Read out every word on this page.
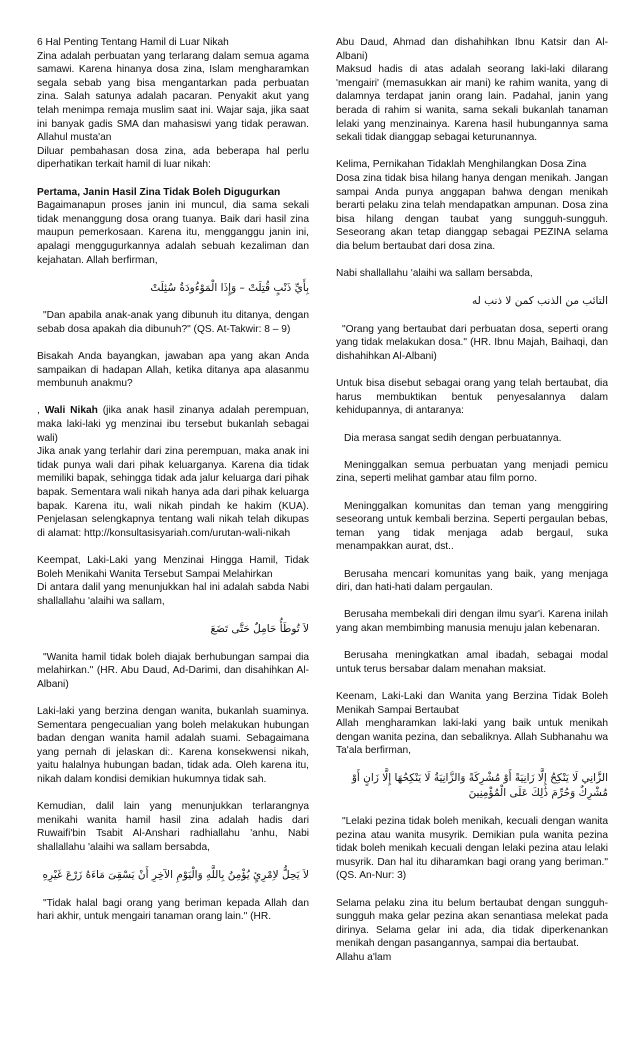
6 Hal Penting Tentang Hamil di Luar Nikah

Zina adalah perbuatan yang terlarang dalam semua agama samawi. Karena hinanya dosa zina, Islam mengharamkan segala sebab yang bisa mengantarkan pada perbuatan zina. Salah satunya adalah pacaran. Penyakit akut yang telah menimpa remaja muslim saat ini. Wajar saja, jika saat ini banyak gadis SMA dan mahasiswi yang tidak perawan. Allahul musta'an

Diluar pembahasan dosa zina, ada beberapa hal perlu diperhatikan terkait hamil di luar nikah:

Pertama, Janin Hasil Zina Tidak Boleh Digugurkan

Bagaimanapun proses janin ini muncul, dia sama sekali tidak menanggung dosa orang tuanya. Baik dari hasil zina maupun pemerkosaan. Karena itu, mengganggu janin ini, apalagi menggugurkannya adalah sebuah kezaliman dan kejahatan. Allah berfirman,

بِأَيِّ ذَنْبٍ قُتِلَتْ – وَإِذَا الْمَوْءُودَةُ سُئِلَتْ

"Dan apabila anak-anak yang dibunuh itu ditanya, dengan sebab dosa apakah dia dibunuh?" (QS. At-Takwir: 8 – 9)

Bisakah Anda bayangkan, jawaban apa yang akan Anda sampaikan di hadapan Allah, ketika ditanya apa alasanmu membunuh anakmu?

, Wali Nikah (jika anak hasil zinanya adalah perempuan, maka laki-laki yg menzinai ibu tersebut bukanlah sebagai wali)

Jika anak yang terlahir dari zina perempuan, maka anak ini tidak punya wali dari pihak keluarganya. Karena dia tidak memiliki bapak, sehingga tidak ada jalur keluarga dari pihak bapak. Sementara wali nikah hanya ada dari pihak keluarga bapak. Karena itu, wali nikah pindah ke hakim (KUA). Penjelasan selengkapnya tentang wali nikah telah dikupas di alamat: http://konsultasisyariah.com/urutan-wali-nikah

Keempat, Laki-Laki yang Menzinai Hingga Hamil, Tidak Boleh Menikahi Wanita Tersebut Sampai Melahirkan

Di antara dalil yang menunjukkan hal ini adalah sabda Nabi shallallahu 'alaihi wa sallam,

لاَ تُوطَأُ حَامِلٌ حَتَّى تَضَعَ

"Wanita hamil tidak boleh diajak berhubungan sampai dia melahirkan." (HR. Abu Daud, Ad-Darimi, dan disahihkan Al-Albani)

Laki-laki yang berzina dengan wanita, bukanlah suaminya. Sementara pengecualian yang boleh melakukan hubungan badan dengan wanita hamil adalah suami. Sebagaimana yang pernah di jelaskan di:. Karena konsekwensi nikah, yaitu halalnya hubungan badan, tidak ada. Oleh karena itu, nikah dalam kondisi demikian hukumnya tidak sah.

Kemudian, dalil lain yang menunjukkan terlarangnya menikahi wanita hamil hasil zina adalah hadis dari Ruwaifi'bin Tsabit Al-Anshari radhiallahu 'anhu, Nabi shallallahu 'alaihi wa sallam bersabda,

لاَ يَحِلُّ لاِمْرِئٍ يُؤْمِنُ بِاللَّهِ وَالْيَوْمِ الآخِرِ أَنْ يَسْقِىَ مَاءَهُ زَرْعَ غَيْرِهِ

"Tidak halal bagi orang yang beriman kepada Allah dan hari akhir, untuk mengairi tanaman orang lain." (HR.

Abu Daud, Ahmad dan dishahihkan Ibnu Katsir dan Al-Albani)

Maksud hadis di atas adalah seorang laki-laki dilarang 'mengairi' (memasukkan air mani) ke rahim wanita, yang di dalamnya terdapat janin orang lain. Padahal, janin yang berada di rahim si wanita, sama sekali bukanlah tanaman lelaki yang menzinainya. Karena hasil hubungannya sama sekali tidak dianggap sebagai keturunannya.

Kelima, Pernikahan Tidaklah Menghilangkan Dosa Zina

Dosa zina tidak bisa hilang hanya dengan menikah. Jangan sampai Anda punya anggapan bahwa dengan menikah berarti pelaku zina telah mendapatkan ampunan. Dosa zina bisa hilang dengan taubat yang sungguh-sungguh. Seseorang akan tetap dianggap sebagai PEZINA selama dia belum bertaubat dari dosa zina.

Nabi shallallahu 'alaihi wa sallam bersabda,

التائب من الذنب كمن لا ذنب له

"Orang yang bertaubat dari perbuatan dosa, seperti orang yang tidak melakukan dosa." (HR. Ibnu Majah, Baihaqi, dan dishahihkan Al-Albani)

Untuk bisa disebut sebagai orang yang telah bertaubat, dia harus membuktikan bentuk penyesalannya dalam kehidupannya, di antaranya:

Dia merasa sangat sedih dengan perbuatannya.

Meninggalkan semua perbuatan yang menjadi pemicu zina, seperti melihat gambar atau film porno.

Meninggalkan komunitas dan teman yang menggiring seseorang untuk kembali berzina. Seperti pergaulan bebas, teman yang tidak menjaga adab bergaul, suka menampakkan aurat, dst..

Berusaha mencari komunitas yang baik, yang menjaga diri, dan hati-hati dalam pergaulan.

Berusaha membekali diri dengan ilmu syar'i. Karena inilah yang akan membimbing manusia menuju jalan kebenaran.

Berusaha meningkatkan amal ibadah, sebagai modal untuk terus bersabar dalam menahan maksiat.

Keenam, Laki-Laki dan Wanita yang Berzina Tidak Boleh Menikah Sampai Bertaubat

Allah mengharamkan laki-laki yang baik untuk menikah dengan wanita pezina, dan sebaliknya. Allah Subhanahu wa Ta'ala berfirman,

الزَّانِي لَا يَنْكِحُ إِلَّا زَانِيَةً أَوْ مُشْرِكَةً وَالزَّانِيَةُ لَا يَنْكِحُهَا إِلَّا زَانٍ أَوْ مُشْرِكٌ وَحُرِّمَ ذَٰلِكَ عَلَى الْمُؤْمِنِينَ

"Lelaki pezina tidak boleh menikah, kecuali dengan wanita pezina atau wanita musyrik. Demikian pula wanita pezina tidak boleh menikah kecuali dengan lelaki pezina atau lelaki musyrik. Dan hal itu diharamkan bagi orang yang beriman." (QS. An-Nur: 3)

Selama pelaku zina itu belum bertaubat dengan sungguh-sungguh maka gelar pezina akan senantiasa melekat pada dirinya. Selama gelar ini ada, dia tidak diperkenankan menikah dengan pasangannya, sampai dia bertaubat.

Allahu a'lam
